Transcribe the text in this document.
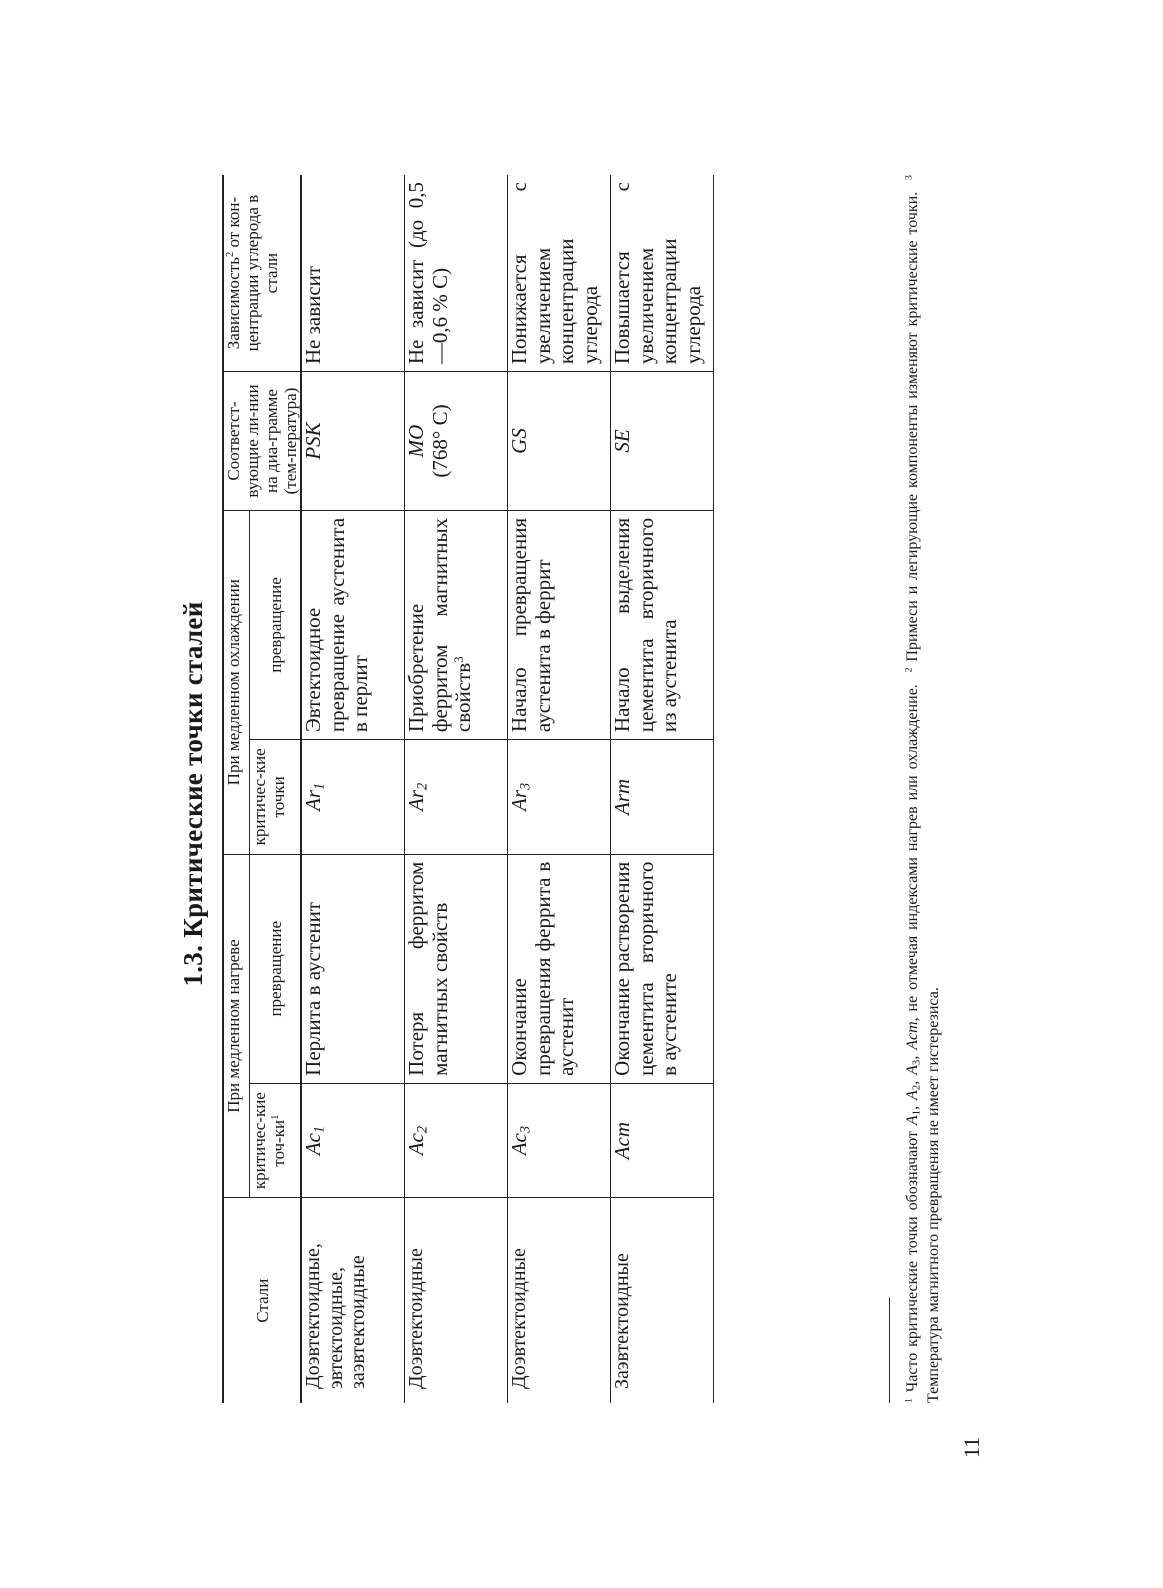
1.3. Критические точки сталей
Стали	При медленном нагреве		При медленном охлаждении		Соответст-вующие ли-нии на диа-грамме (тем-пература)	Зависимость$^2$ от кон-центрации углерода в стали
	критичес-кие точ-$ки^1$	превращение	критичес-кие точки	превращение		
Доэвтектоидные, эвтектоидные, заэвтектоидные	Ac1	Перлита в аустенит	Ar1	Эвтектоидное превращение аустенита в перлит	PSK	Не зависит
Доэвтектоидные	Ac2	Потеря ферритом магнитных свойств	Ar2	Приобретение ферритом магнитных свойств$^3$	MO (768° С)	Не зависит (до 0,5—0,6 % С)
Доэвтектоидные	Ac3	Окончание превращения феррита в аустенит	Ar3	Начало превращения аустенита в феррит	GS	Понижается с увеличением концентрации углерода
Заэвтектоидные	Acm	Окончание растворения цементита вторичного в аустените	Arm	Начало выделения цементита вторичного из аустенита	SE	Повышается с увеличением концентрации углерода
$^1$ Часто критические точки обозначают A1, A2, A3, Acm, не отмечая индексами нагрев или охлаждение.  $^2$ Примеси и легирующие компоненты изменяют критические точки.  $^3$ Температура магнитного превращения не имеет гистерезиса.
11
